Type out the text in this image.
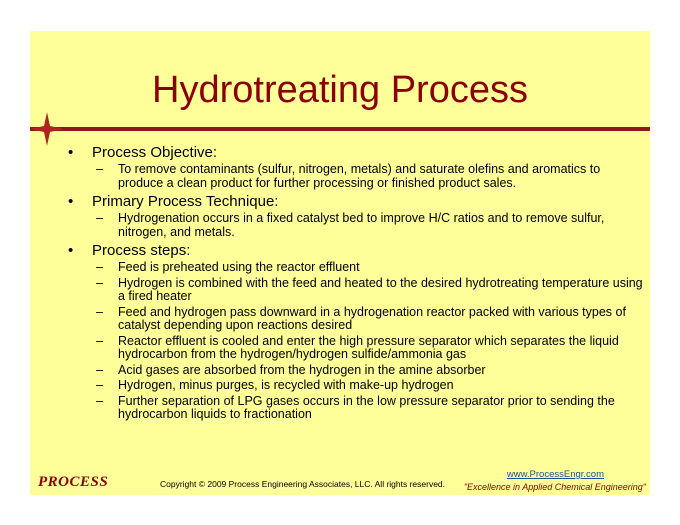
Hydrotreating Process
• Process Objective:
– To remove contaminants (sulfur, nitrogen, metals) and saturate olefins and aromatics to produce a clean product for further processing or finished product sales.
• Primary Process Technique:
– Hydrogenation occurs in a fixed catalyst bed to improve H/C ratios and to remove sulfur, nitrogen, and metals.
• Process steps:
– Feed is preheated using the reactor effluent
– Hydrogen is combined with the feed and heated to the desired hydrotreating temperature using a fired heater
– Feed and hydrogen pass downward in a hydrogenation reactor packed with various types of catalyst depending upon reactions desired
– Reactor effluent is cooled and enter the high pressure separator which separates the liquid hydrocarbon from the hydrogen/hydrogen sulfide/ammonia gas
– Acid gases are absorbed from the hydrogen in the amine absorber
– Hydrogen, minus purges, is recycled with make-up hydrogen
– Further separation of LPG gases occurs in the low pressure separator prior to sending the hydrocarbon liquids to fractionation
PROCESS	Copyright © 2009 Process Engineering Associates, LLC. All rights reserved.
www.ProcessEngr.com
"Excellence in Applied Chemical Engineering"
